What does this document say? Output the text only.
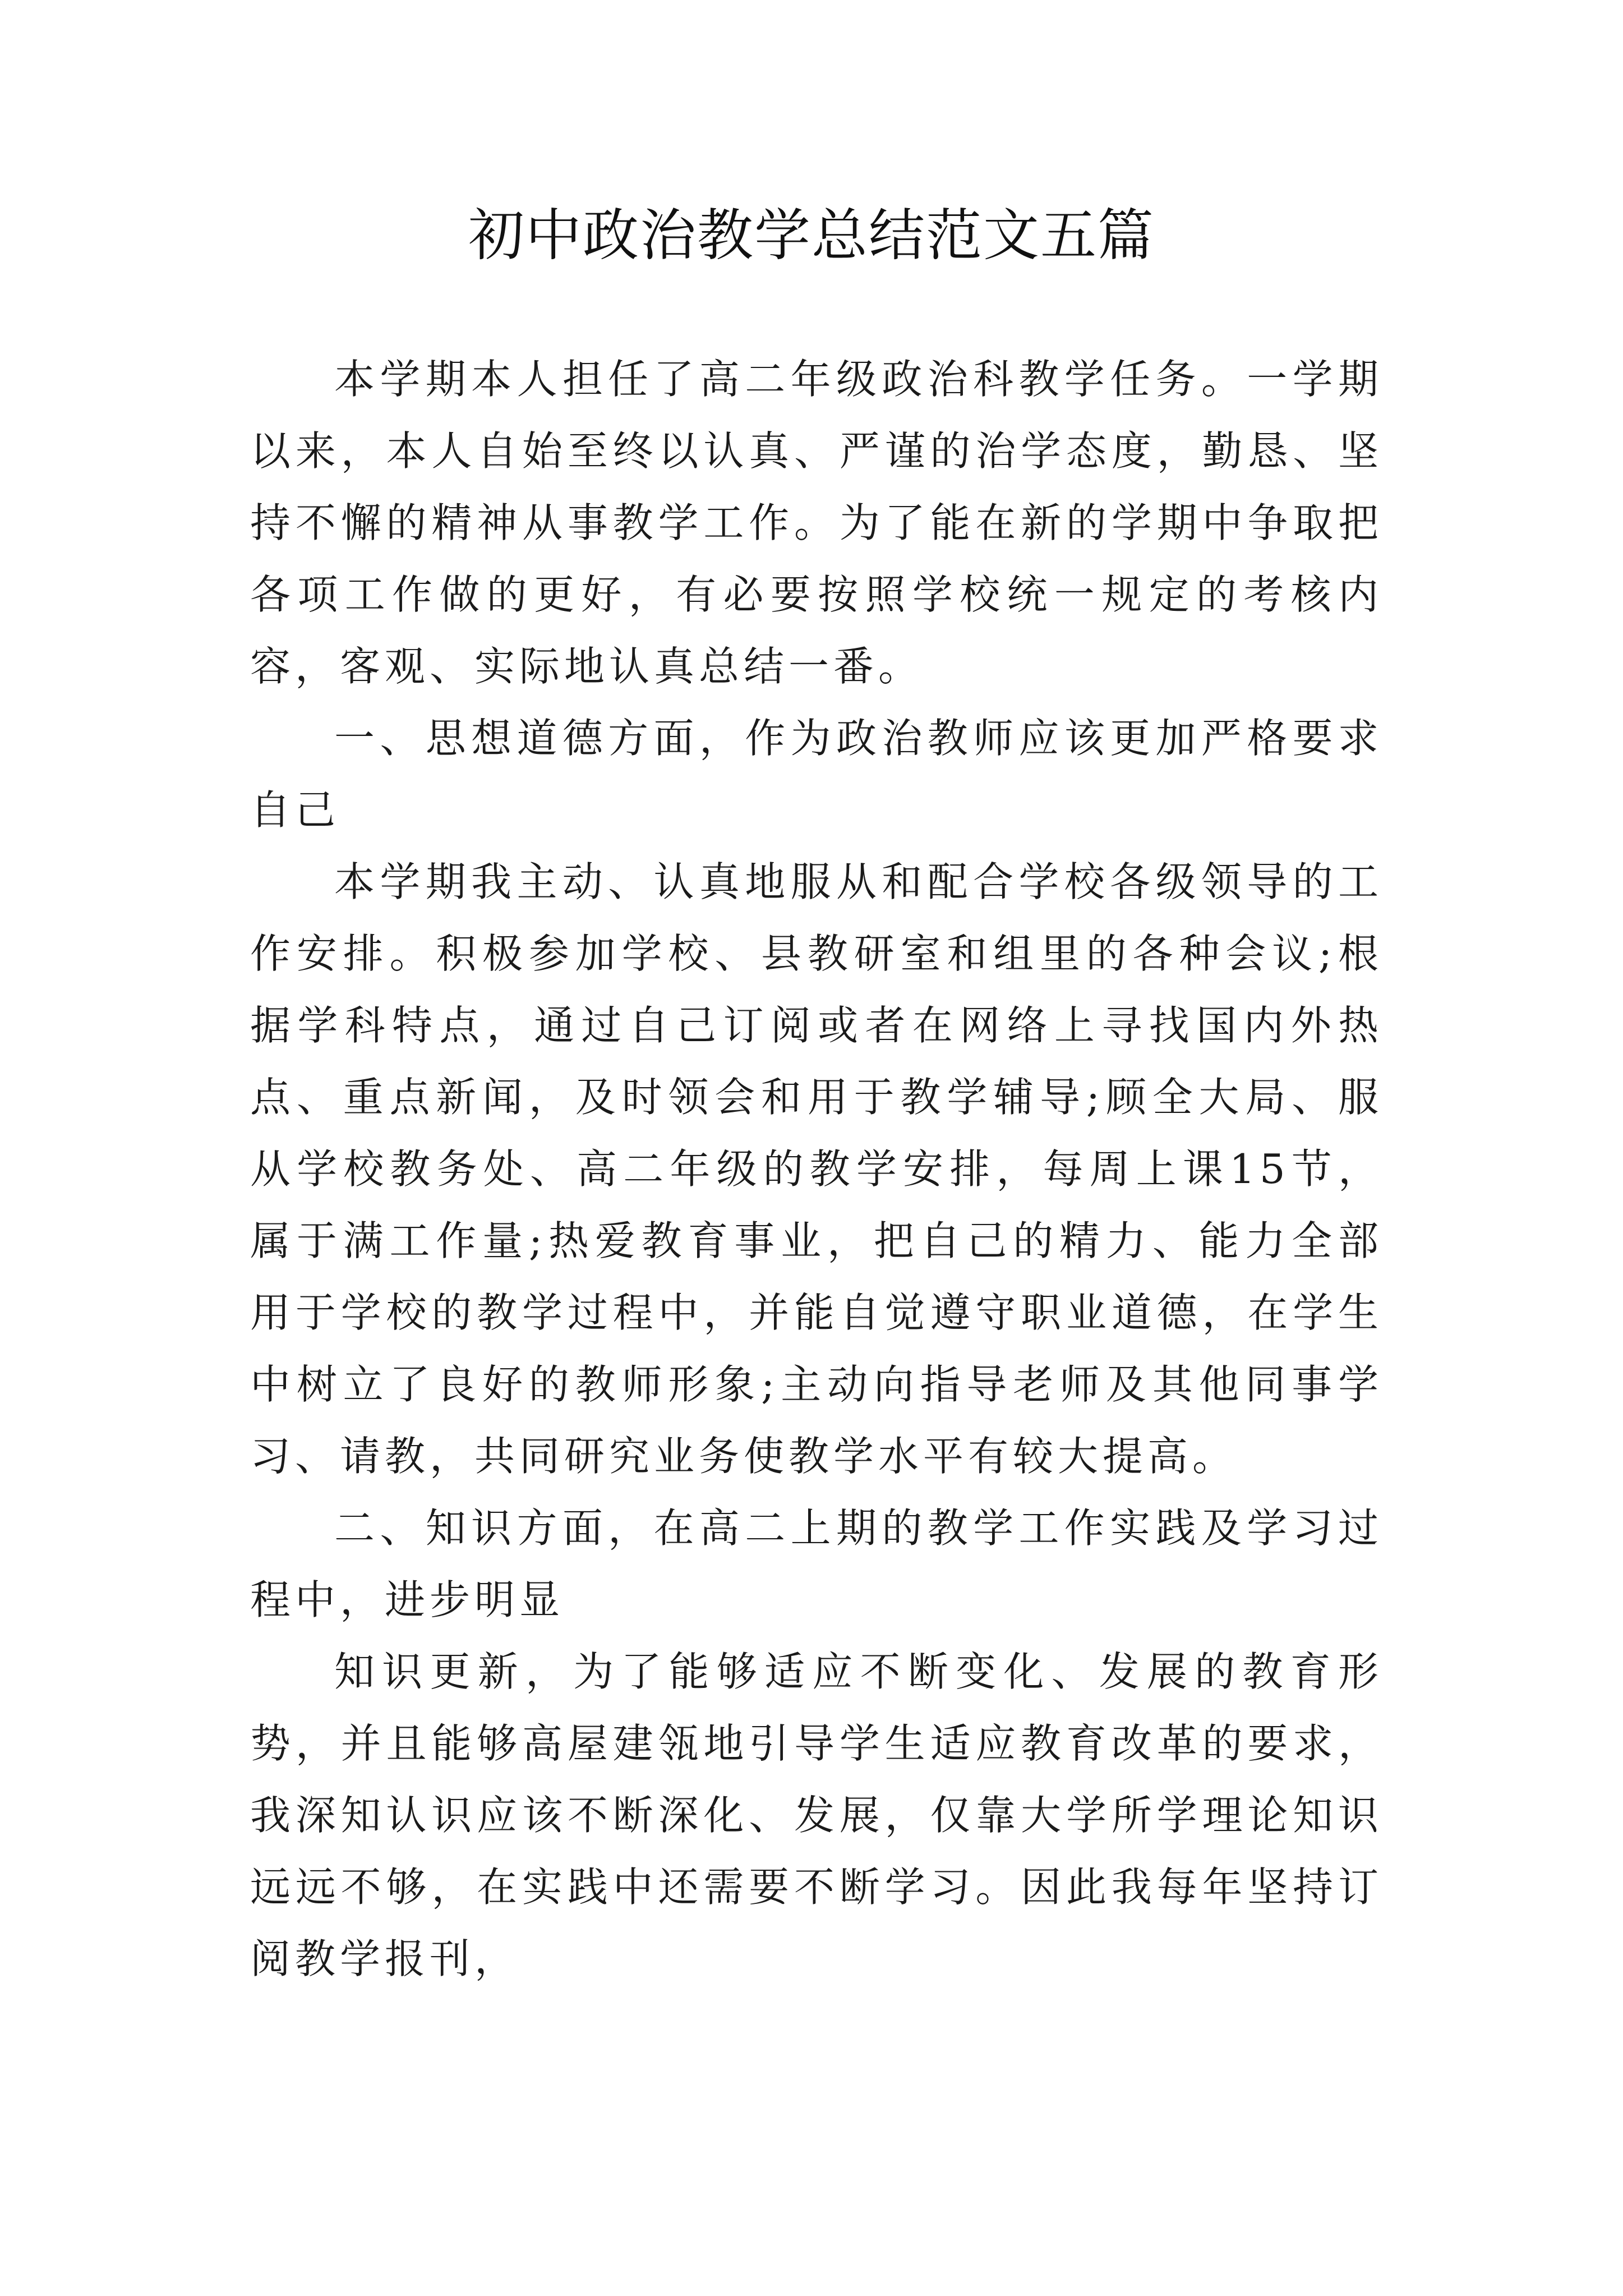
初中政治教学总结范文五篇

本学期本人担任了高二年级政治科教学任务。一学期以来，本人自始至终以认真、严谨的治学态度，勤恳、坚持不懈的精神从事教学工作。为了能在新的学期中争取把各项工作做的更好，有必要按照学校统一规定的考核内容，客观、实际地认真总结一番。

一、思想道德方面，作为政治教师应该更加严格要求自己

本学期我主动、认真地服从和配合学校各级领导的工作安排。积极参加学校、县教研室和组里的各种会议;根据学科特点，通过自己订阅或者在网络上寻找国内外热点、重点新闻，及时领会和用于教学辅导;顾全大局、服从学校教务处、高二年级的教学安排，每周上课15节，属于满工作量;热爱教育事业，把自己的精力、能力全部用于学校的教学过程中，并能自觉遵守职业道德，在学生中树立了良好的教师形象;主动向指导老师及其他同事学习、请教，共同研究业务使教学水平有较大提高。

二、知识方面，在高二上期的教学工作实践及学习过程中，进步明显

知识更新，为了能够适应不断变化、发展的教育形势，并且能够高屋建瓴地引导学生适应教育改革的要求，我深知认识应该不断深化、发展，仅靠大学所学理论知识远远不够，在实践中还需要不断学习。因此我每年坚持订阅教学报刊，
